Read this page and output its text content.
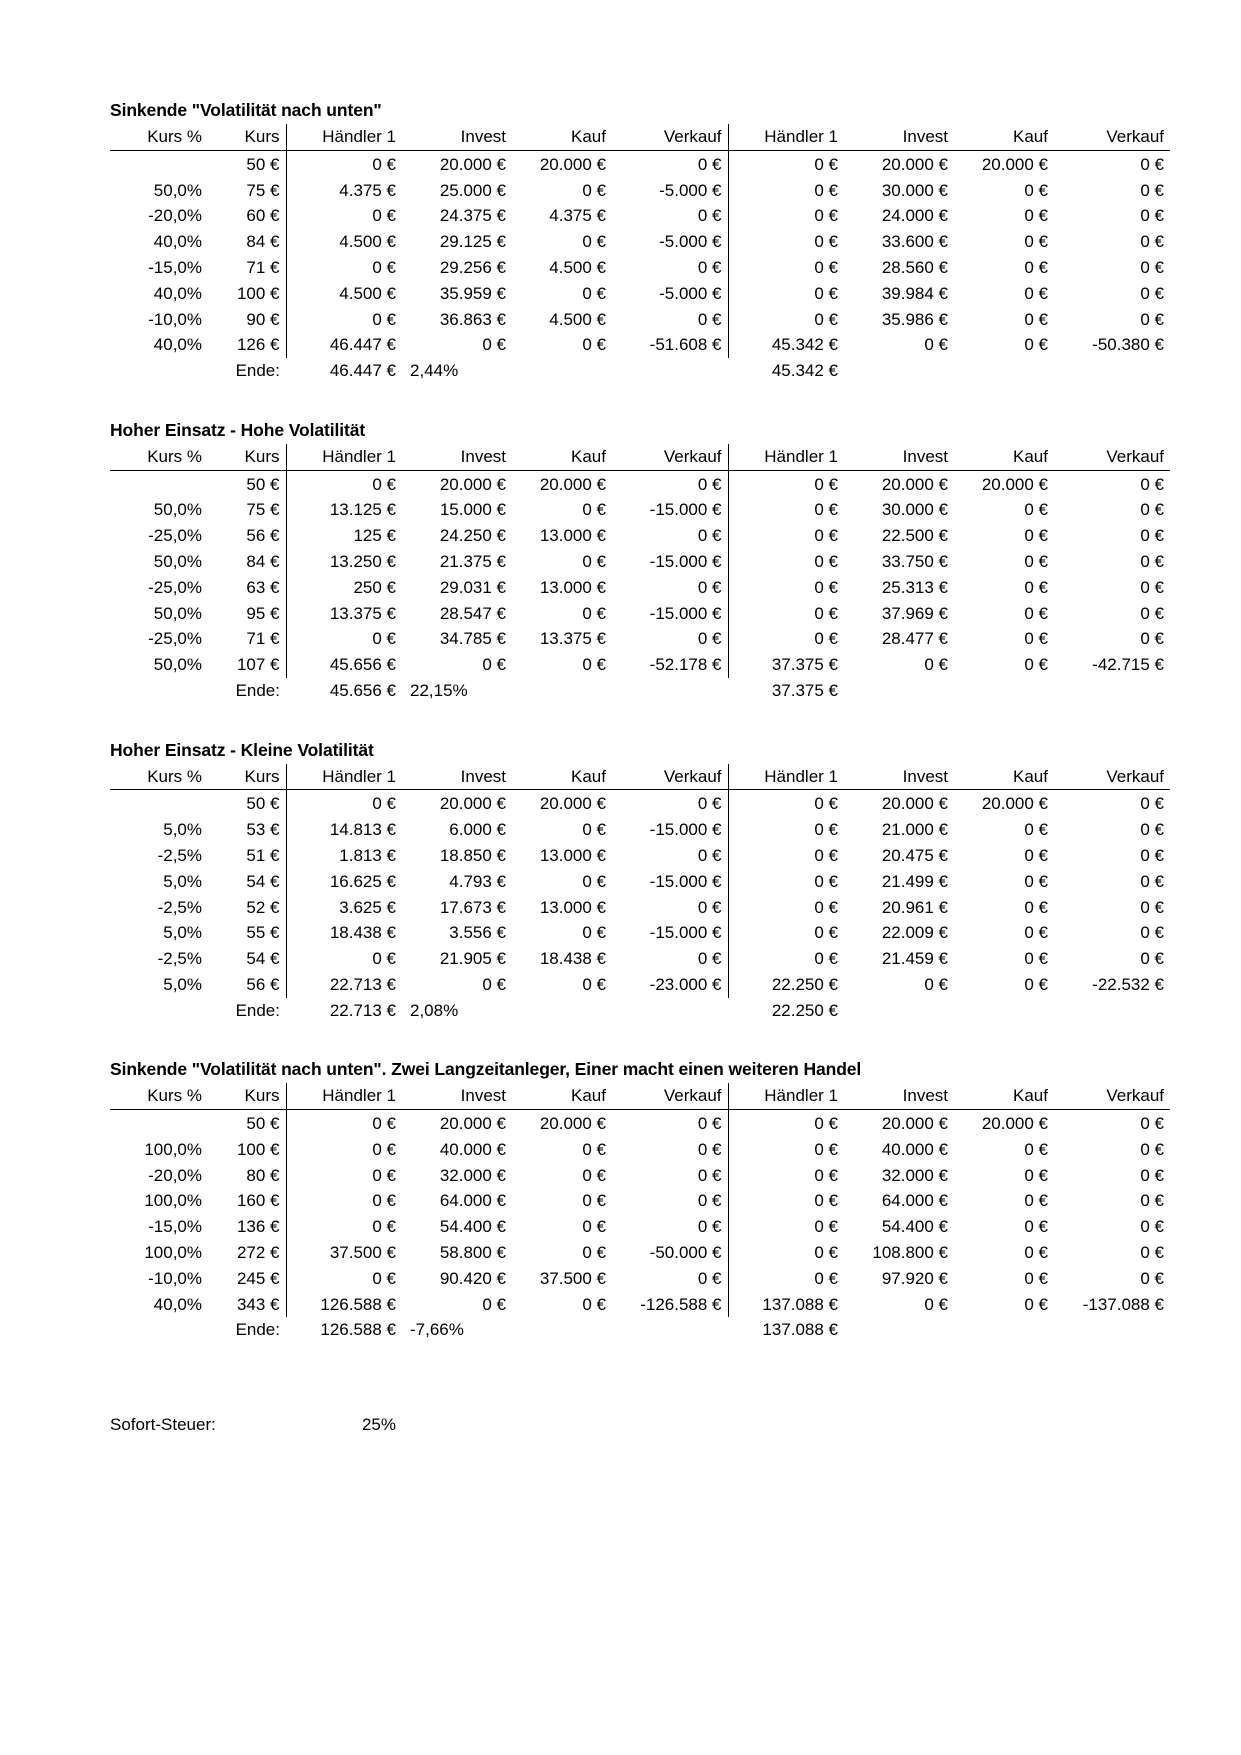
Sinkende "Volatilität nach unten"
Kurs %	Kurs	Händler 1	Invest	Kauf	Verkauf	Händler 1	Invest	Kauf	Verkauf
	50 €	0 €	20.000 €	20.000 €	0 €	0 €	20.000 €	20.000 €	0 €
50,0%	75 €	4.375 €	25.000 €	0 €	-5.000 €	0 €	30.000 €	0 €	0 €
-20,0%	60 €	0 €	24.375 €	4.375 €	0 €	0 €	24.000 €	0 €	0 €
40,0%	84 €	4.500 €	29.125 €	0 €	-5.000 €	0 €	33.600 €	0 €	0 €
-15,0%	71 €	0 €	29.256 €	4.500 €	0 €	0 €	28.560 €	0 €	0 €
40,0%	100 €	4.500 €	35.959 €	0 €	-5.000 €	0 €	39.984 €	0 €	0 €
-10,0%	90 €	0 €	36.863 €	4.500 €	0 €	0 €	35.986 €	0 €	0 €
40,0%	126 €	46.447 €	0 €	0 €	-51.608 €	45.342 €	0 €	0 €	-50.380 €
	Ende:	46.447 €	2,44%			45.342 €			

Hoher Einsatz - Hohe Volatilität
Kurs %	Kurs	Händler 1	Invest	Kauf	Verkauf	Händler 1	Invest	Kauf	Verkauf
	50 €	0 €	20.000 €	20.000 €	0 €	0 €	20.000 €	20.000 €	0 €
50,0%	75 €	13.125 €	15.000 €	0 €	-15.000 €	0 €	30.000 €	0 €	0 €
-25,0%	56 €	125 €	24.250 €	13.000 €	0 €	0 €	22.500 €	0 €	0 €
50,0%	84 €	13.250 €	21.375 €	0 €	-15.000 €	0 €	33.750 €	0 €	0 €
-25,0%	63 €	250 €	29.031 €	13.000 €	0 €	0 €	25.313 €	0 €	0 €
50,0%	95 €	13.375 €	28.547 €	0 €	-15.000 €	0 €	37.969 €	0 €	0 €
-25,0%	71 €	0 €	34.785 €	13.375 €	0 €	0 €	28.477 €	0 €	0 €
50,0%	107 €	45.656 €	0 €	0 €	-52.178 €	37.375 €	0 €	0 €	-42.715 €
	Ende:	45.656 €	22,15%			37.375 €			

Hoher Einsatz - Kleine Volatilität
Kurs %	Kurs	Händler 1	Invest	Kauf	Verkauf	Händler 1	Invest	Kauf	Verkauf
	50 €	0 €	20.000 €	20.000 €	0 €	0 €	20.000 €	20.000 €	0 €
5,0%	53 €	14.813 €	6.000 €	0 €	-15.000 €	0 €	21.000 €	0 €	0 €
-2,5%	51 €	1.813 €	18.850 €	13.000 €	0 €	0 €	20.475 €	0 €	0 €
5,0%	54 €	16.625 €	4.793 €	0 €	-15.000 €	0 €	21.499 €	0 €	0 €
-2,5%	52 €	3.625 €	17.673 €	13.000 €	0 €	0 €	20.961 €	0 €	0 €
5,0%	55 €	18.438 €	3.556 €	0 €	-15.000 €	0 €	22.009 €	0 €	0 €
-2,5%	54 €	0 €	21.905 €	18.438 €	0 €	0 €	21.459 €	0 €	0 €
5,0%	56 €	22.713 €	0 €	0 €	-23.000 €	22.250 €	0 €	0 €	-22.532 €
	Ende:	22.713 €	2,08%			22.250 €			

Sinkende "Volatilität nach unten". Zwei Langzeitanleger, Einer macht einen weiteren Handel
Kurs %	Kurs	Händler 1	Invest	Kauf	Verkauf	Händler 1	Invest	Kauf	Verkauf
	50 €	0 €	20.000 €	20.000 €	0 €	0 €	20.000 €	20.000 €	0 €
100,0%	100 €	0 €	40.000 €	0 €	0 €	0 €	40.000 €	0 €	0 €
-20,0%	80 €	0 €	32.000 €	0 €	0 €	0 €	32.000 €	0 €	0 €
100,0%	160 €	0 €	64.000 €	0 €	0 €	0 €	64.000 €	0 €	0 €
-15,0%	136 €	0 €	54.400 €	0 €	0 €	0 €	54.400 €	0 €	0 €
100,0%	272 €	37.500 €	58.800 €	0 €	-50.000 €	0 €	108.800 €	0 €	0 €
-10,0%	245 €	0 €	90.420 €	37.500 €	0 €	0 €	97.920 €	0 €	0 €
40,0%	343 €	126.588 €	0 €	0 €	-126.588 €	137.088 €	0 €	0 €	-137.088 €
	Ende:	126.588 €	-7,66%			137.088 €			

Sofort-Steuer:	25%
